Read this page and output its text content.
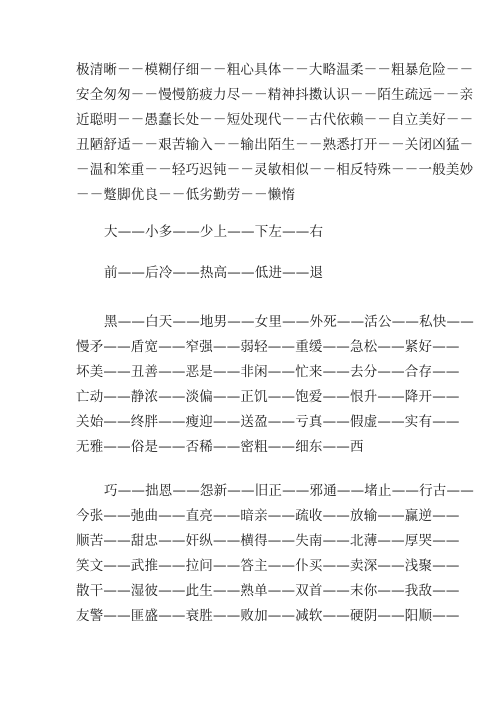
极清晰－－模糊仔细－－粗心具体－－大略温柔－－粗暴危险－－
安全匆匆－－慢慢筋疲力尽－－精神抖擞认识－－陌生疏远－－亲
近聪明－－愚蠢长处－－短处现代－－古代依赖－－自立美好－－
丑陋舒适－－艰苦输入－－输出陌生－－熟悉打开－－关闭凶猛－
－温和笨重－－轻巧迟钝－－灵敏相似－－相反特殊－－一般美妙
－－蹩脚优良－－低劣勤劳－－懒惰
大——小多——少上——下左——右
前——后冷——热高——低进——退
黑——白天——地男——女里——外死——活公——私快——
慢矛——盾宽——窄强——弱轻——重缓——急松——紧好——
坏美——丑善——恶是——非闲——忙来——去分——合存——
亡动——静浓——淡偏——正饥——饱爱——恨升——降开——
关始——终胖——瘦迎——送盈——亏真——假虚——实有——
无雅——俗是——否稀——密粗——细东——西
巧——拙恩——怨新——旧正——邪通——堵止——行古——
今张——弛曲——直亮——暗亲——疏收——放输——赢逆——
顺苦——甜忠——奸纵——横得——失南——北薄——厚哭——
笑文——武推——拉问——答主——仆买——卖深——浅聚——
散干——湿彼——此生——熟单——双首——末你——我敌——
友警——匪盛——衰胜——败加——减软——硬阴——阳顺——
